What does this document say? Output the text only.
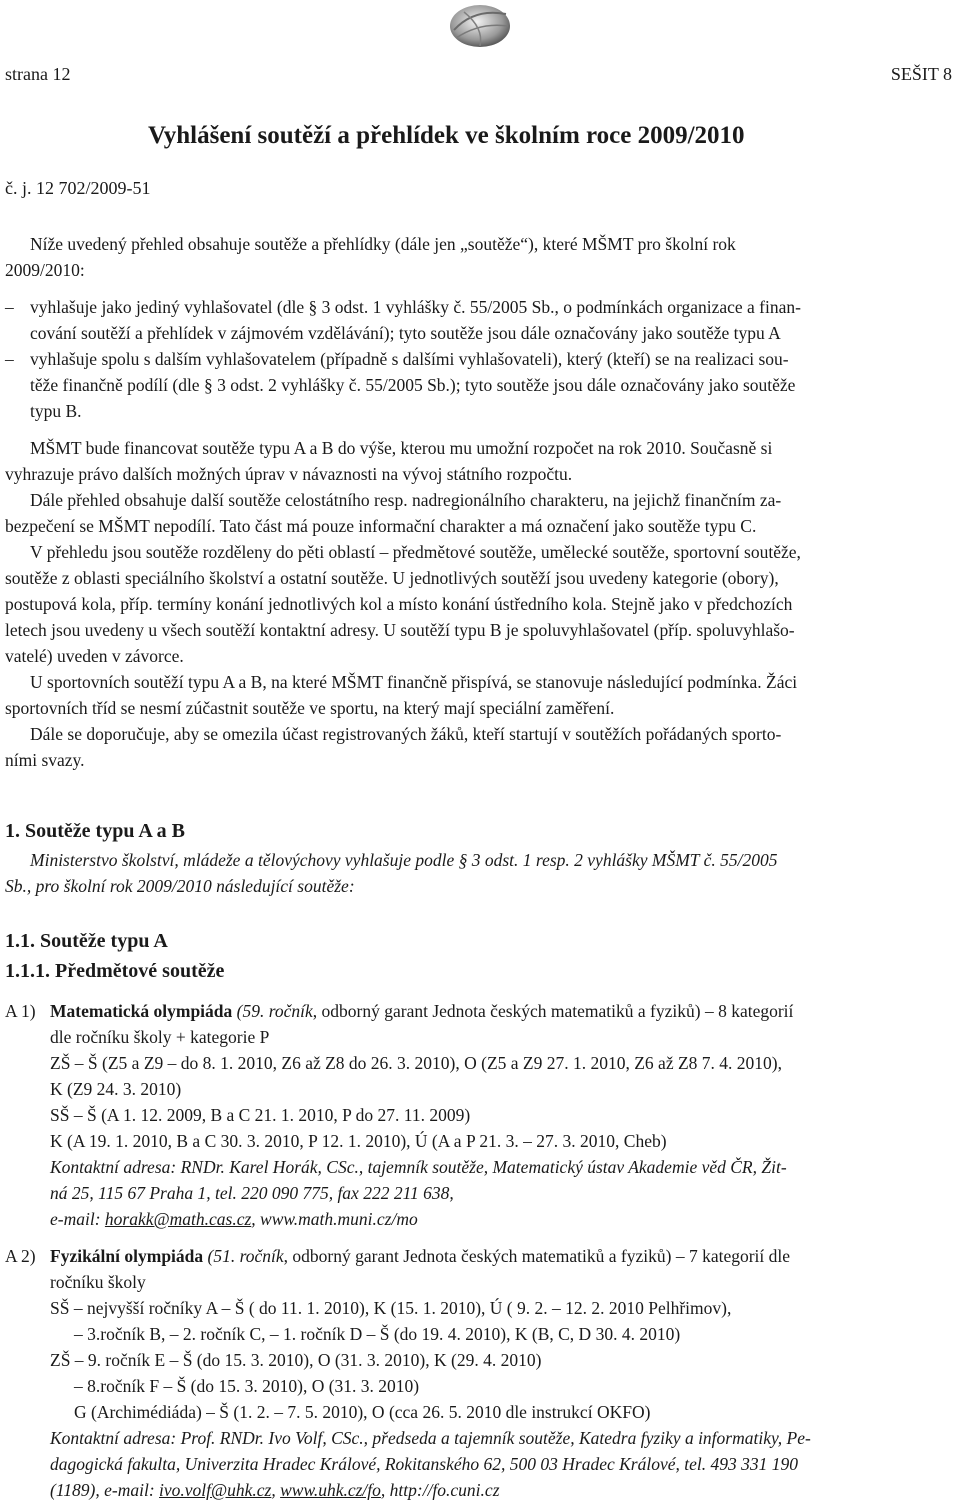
strana 12	SEŠIT 8
Vyhlášení soutěží a přehlídek ve školním roce 2009/2010
č. j. 12 702/2009-51
Níže uvedený přehled obsahuje soutěže a přehlídky (dále jen „soutěže“), které MŠMT pro školní rok
2009/2010:
– vyhlašuje jako jediný vyhlašovatel (dle § 3 odst. 1 vyhlášky č. 55/2005 Sb., o podmínkách organizace a finan-
cování soutěží a přehlídek v zájmovém vzdělávání); tyto soutěže jsou dále označovány jako soutěže typu A
– vyhlašuje spolu s dalším vyhlašovatelem (případně s dalšími vyhlašovateli), který (kteří) se na realizaci sou-
těže finančně podílí (dle § 3 odst. 2 vyhlášky č. 55/2005 Sb.); tyto soutěže jsou dále označovány jako soutěže
typu B.
MŠMT bude financovat soutěže typu A a B do výše, kterou mu umožní rozpočet na rok 2010. Současně si
vyhrazuje právo dalších možných úprav v návaznosti na vývoj státního rozpočtu.
Dále přehled obsahuje další soutěže celostátního resp. nadregionálního charakteru, na jejichž finančním za-
bezpečení se MŠMT nepodílí. Tato část má pouze informační charakter a má označení jako soutěže typu C.
V přehledu jsou soutěže rozděleny do pěti oblastí – předmětové soutěže, umělecké soutěže, sportovní soutěže,
soutěže z oblasti speciálního školství a ostatní soutěže. U jednotlivých soutěží jsou uvedeny kategorie (obory),
postupová kola, příp. termíny konání jednotlivých kol a místo konání ústředního kola. Stejně jako v předchozích
letech jsou uvedeny u všech soutěží kontaktní adresy. U soutěží typu B je spoluvyhlašovatel (příp. spoluvyhlašo-
vatelé) uveden v závorce.
U sportovních soutěží typu A a B, na které MŠMT finančně přispívá, se stanovuje následující podmínka. Žáci
sportovních tříd se nesmí zúčastnit soutěže ve sportu, na který mají speciální zaměření.
Dále se doporučuje, aby se omezila účast registrovaných žáků, kteří startují v soutěžích pořádaných sporto-
ními svazy.
1. Soutěže typu A a B
Ministerstvo školství, mládeže a tělovýchovy vyhlašuje podle § 3 odst. 1 resp. 2 vyhlášky MŠMT č. 55/2005
Sb., pro školní rok 2009/2010 následující soutěže:
1.1. Soutěže typu A
1.1.1. Předmětové soutěže
A 1) Matematická olympiáda (59. ročník, odborný garant Jednota českých matematiků a fyziků) – 8 kategorií
dle ročníku školy + kategorie P
ZŠ – Š (Z5 a Z9 – do 8. 1. 2010, Z6 až Z8 do 26. 3. 2010), O (Z5 a Z9 27. 1. 2010, Z6 až Z8 7. 4. 2010),
K (Z9 24. 3. 2010)
SŠ – Š (A 1. 12. 2009, B a C 21. 1. 2010, P do 27. 11. 2009)
K (A 19. 1. 2010, B a C 30. 3. 2010, P 12. 1. 2010), Ú (A a P 21. 3. – 27. 3. 2010, Cheb)
Kontaktní adresa: RNDr. Karel Horák, CSc., tajemník soutěže, Matematický ústav Akademie věd ČR, Žit-
ná 25, 115 67 Praha 1, tel. 220 090 775, fax 222 211 638,
e-mail: horakk@math.cas.cz, www.math.muni.cz/mo
A 2) Fyzikální olympiáda (51. ročník, odborný garant Jednota českých matematiků a fyziků) – 7 kategorií dle
ročníku školy
SŠ – nejvyšší ročníky A – Š ( do 11. 1. 2010), K (15. 1. 2010), Ú ( 9. 2. – 12. 2. 2010 Pelhřimov),
– 3.ročník B, – 2. ročník C, – 1. ročník D – Š (do 19. 4. 2010), K (B, C, D 30. 4. 2010)
ZŠ – 9. ročník E – Š (do 15. 3. 2010), O (31. 3. 2010), K (29. 4. 2010)
– 8.ročník F – Š (do 15. 3. 2010), O (31. 3. 2010)
G (Archimédiáda) – Š (1. 2. – 7. 5. 2010), O (cca 26. 5. 2010 dle instrukcí OKFO)
Kontaktní adresa: Prof. RNDr. Ivo Volf, CSc., předseda a tajemník soutěže, Katedra fyziky a informatiky, Pe-
dagogická fakulta, Univerzita Hradec Králové, Rokitanského 62, 500 03 Hradec Králové, tel. 493 331 190
(1189), e-mail: ivo.volf@uhk.cz, www.uhk.cz/fo, http://fo.cuni.cz
